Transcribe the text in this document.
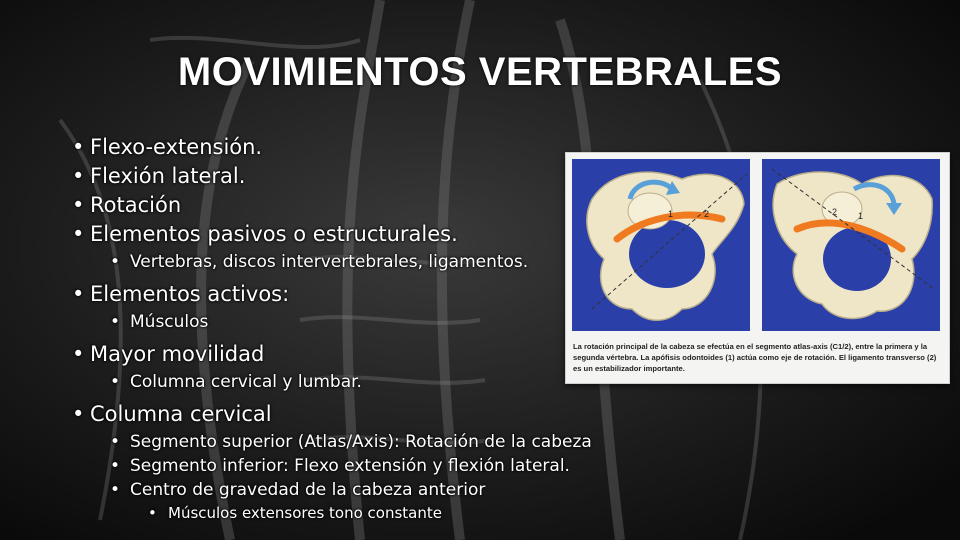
MOVIMIENTOS VERTEBRALES
• Flexo-extensión.
• Flexión lateral.
• Rotación
• Elementos pasivos o estructurales.
• Vertebras, discos intervertebrales, ligamentos.
• Elementos activos:
• Músculos
• Mayor movilidad
• Columna cervical y lumbar.
• Columna cervical
• Segmento superior (Atlas/Axis): Rotación de la cabeza
• Segmento inferior: Flexo extensión y flexión lateral.
• Centro de gravedad de la cabeza anterior
• Músculos extensores tono constante
1	2	2 1
La rotación principal de la cabeza se efectúa en el segmento atlas-axis (C1/2), entre la primera y la segunda vértebra. La apófisis odontoides (1) actúa como eje de rotación. El ligamento transverso (2) es un estabilizador importante.
